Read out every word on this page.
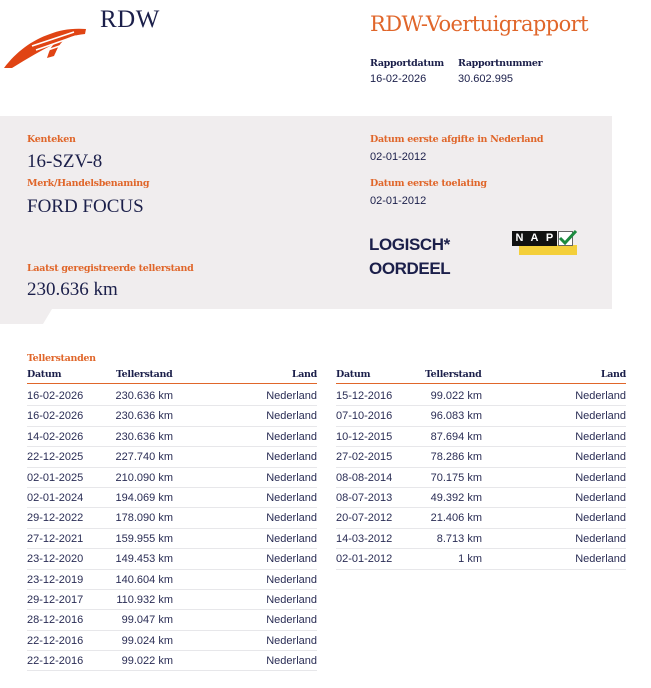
RDW	RDW-Voertuigrapport
Rapportdatum
16-02-2026
Rapportnummer
30.602.995
Kenteken
16-SZV-8
Merk/Handelsbenaming
FORD FOCUS
Laatst geregistreerde tellerstand
230.636 km
Datum eerste afgifte in Nederland
02-01-2012
Datum eerste toelating
02-01-2012
LOGISCH*
OORDEEL
N A P
Tellerstanden
Datum	Tellerstand	Land
16-02-2026	230.636 km	Nederland
16-02-2026	230.636 km	Nederland
14-02-2026	230.636 km	Nederland
22-12-2025	227.740 km	Nederland
02-01-2025	210.090 km	Nederland
02-01-2024	194.069 km	Nederland
29-12-2022	178.090 km	Nederland
27-12-2021	159.955 km	Nederland
23-12-2020	149.453 km	Nederland
23-12-2019	140.604 km	Nederland
29-12-2017	110.932 km	Nederland
28-12-2016	99.047 km	Nederland
22-12-2016	99.024 km	Nederland
22-12-2016	99.022 km	Nederland
Datum	Tellerstand	Land
15-12-2016	99.022 km	Nederland
07-10-2016	96.083 km	Nederland
10-12-2015	87.694 km	Nederland
27-02-2015	78.286 km	Nederland
08-08-2014	70.175 km	Nederland
08-07-2013	49.392 km	Nederland
20-07-2012	21.406 km	Nederland
14-03-2012	8.713 km	Nederland
02-01-2012	1 km	Nederland
